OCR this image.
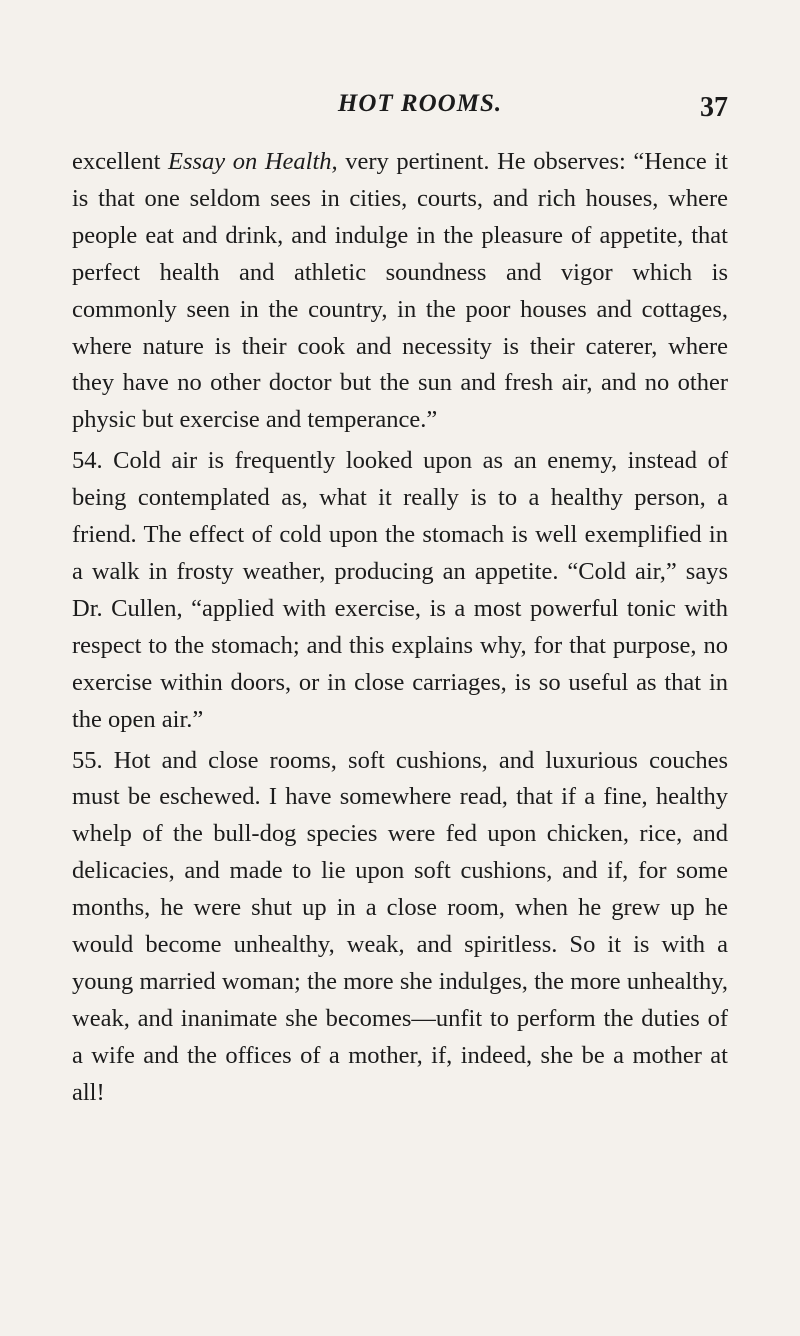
HOT ROOMS.	37

excellent Essay on Health, very pertinent. He observes: “Hence it is that one seldom sees in cities, courts, and rich houses, where people eat and drink, and indulge in the pleasure of appetite, that perfect health and athletic soundness and vigor which is commonly seen in the country, in the poor houses and cottages, where nature is their cook and necessity is their caterer, where they have no other doctor but the sun and fresh air, and no other physic but exercise and temperance.”

54. Cold air is frequently looked upon as an enemy, instead of being contemplated as, what it really is to a healthy person, a friend. The effect of cold upon the stomach is well exemplified in a walk in frosty weather, producing an appetite. “Cold air,” says Dr. Cullen, “applied with exercise, is a most powerful tonic with respect to the stomach; and this explains why, for that purpose, no exercise within doors, or in close carriages, is so useful as that in the open air.”

55. Hot and close rooms, soft cushions, and luxurious couches must be eschewed. I have somewhere read, that if a fine, healthy whelp of the bull-dog species were fed upon chicken, rice, and delicacies, and made to lie upon soft cushions, and if, for some months, he were shut up in a close room, when he grew up he would become unhealthy, weak, and spiritless. So it is with a young married woman; the more she indulges, the more unhealthy, weak, and inanimate she becomes—unfit to perform the duties of a wife and the offices of a mother, if, indeed, she be a mother at all!
